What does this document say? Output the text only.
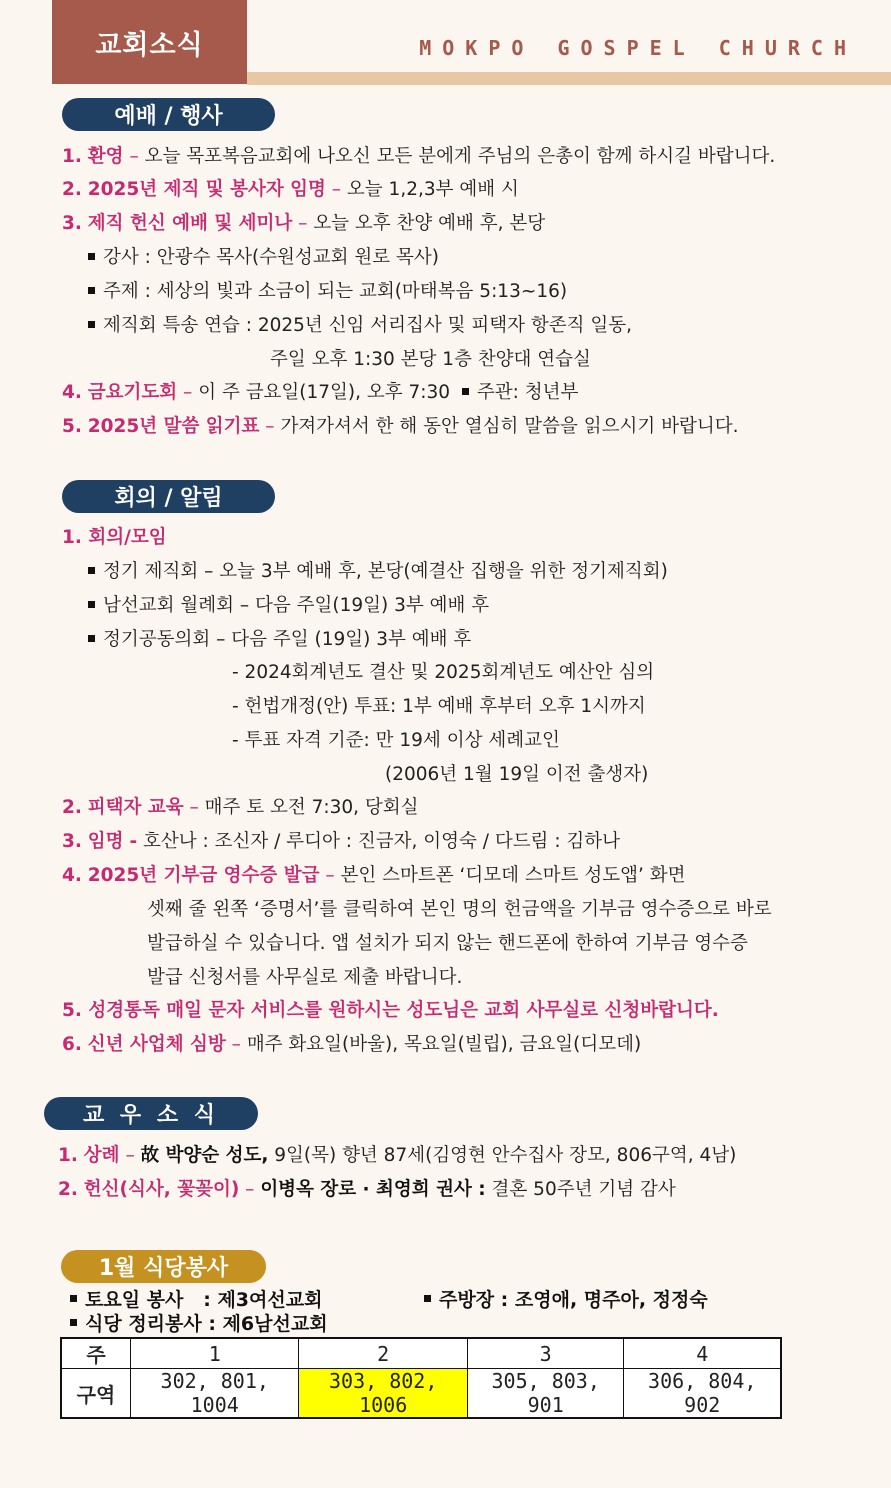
교회소식	MOKPO GOSPEL CHURCH
예배 / 행사
1. 환영 – 오늘 목포복음교회에 나오신 모든 분에게 주님의 은총이 함께 하시길 바랍니다.
2. 2025년 제직 및 봉사자 임명 – 오늘 1,2,3부 예배 시
3. 제직 헌신 예배 및 세미나 – 오늘 오후 찬양 예배 후, 본당
강사 : 안광수 목사(수원성교회 원로 목사)
주제 : 세상의 빛과 소금이 되는 교회(마태복음 5:13~16)
제직회 특송 연습 : 2025년 신임 서리집사 및 피택자 항존직 일동,
주일 오후 1:30 본당 1층 찬양대 연습실
4. 금요기도회 – 이 주 금요일(17일), 오후 7:30 주관: 청년부
5. 2025년 말씀 읽기표 – 가져가셔서 한 해 동안 열심히 말씀을 읽으시기 바랍니다.
회의 / 알림
1. 회의/모임
정기 제직회 – 오늘 3부 예배 후, 본당(예결산 집행을 위한 정기제직회)
남선교회 월례회 – 다음 주일(19일) 3부 예배 후
정기공동의회 – 다음 주일 (19일) 3부 예배 후
- 2024회계년도 결산 및 2025회계년도 예산안 심의
- 헌법개정(안) 투표: 1부 예배 후부터 오후 1시까지
- 투표 자격 기준: 만 19세 이상 세례교인
(2006년 1월 19일 이전 출생자)
2. 피택자 교육 – 매주 토 오전 7:30, 당회실
3. 임명 - 호산나 : 조신자 / 루디아 : 진금자, 이영숙 / 다드림 : 김하나
4. 2025년 기부금 영수증 발급 – 본인 스마트폰 ‘디모데 스마트 성도앱’ 화면
셋째 줄 왼쪽 ‘증명서’를 클릭하여 본인 명의 헌금액을 기부금 영수증으로 바로
발급하실 수 있습니다. 앱 설치가 되지 않는 핸드폰에 한하여 기부금 영수증
발급 신청서를 사무실로 제출 바랍니다.
5. 성경통독 매일 문자 서비스를 원하시는 성도님은 교회 사무실로 신청바랍니다.
6. 신년 사업체 심방 – 매주 화요일(바울), 목요일(빌립), 금요일(디모데)
교 우 소 식
1. 상례 – 故 박양순 성도, 9일(목) 향년 87세(김영현 안수집사 장모, 806구역, 4남)
2. 헌신(식사, 꽃꽂이) – 이병옥 장로 · 최영희 권사 : 결혼 50주년 기념 감사
1월 식당봉사
토요일 봉사   : 제3여선교회
식당 정리봉사 : 제6남선교회
주방장 : 조영애, 명주아, 정정숙
주	1	2	3	4
구역	302, 801, 1004	303, 802, 1006	305, 803, 901	306, 804, 902
